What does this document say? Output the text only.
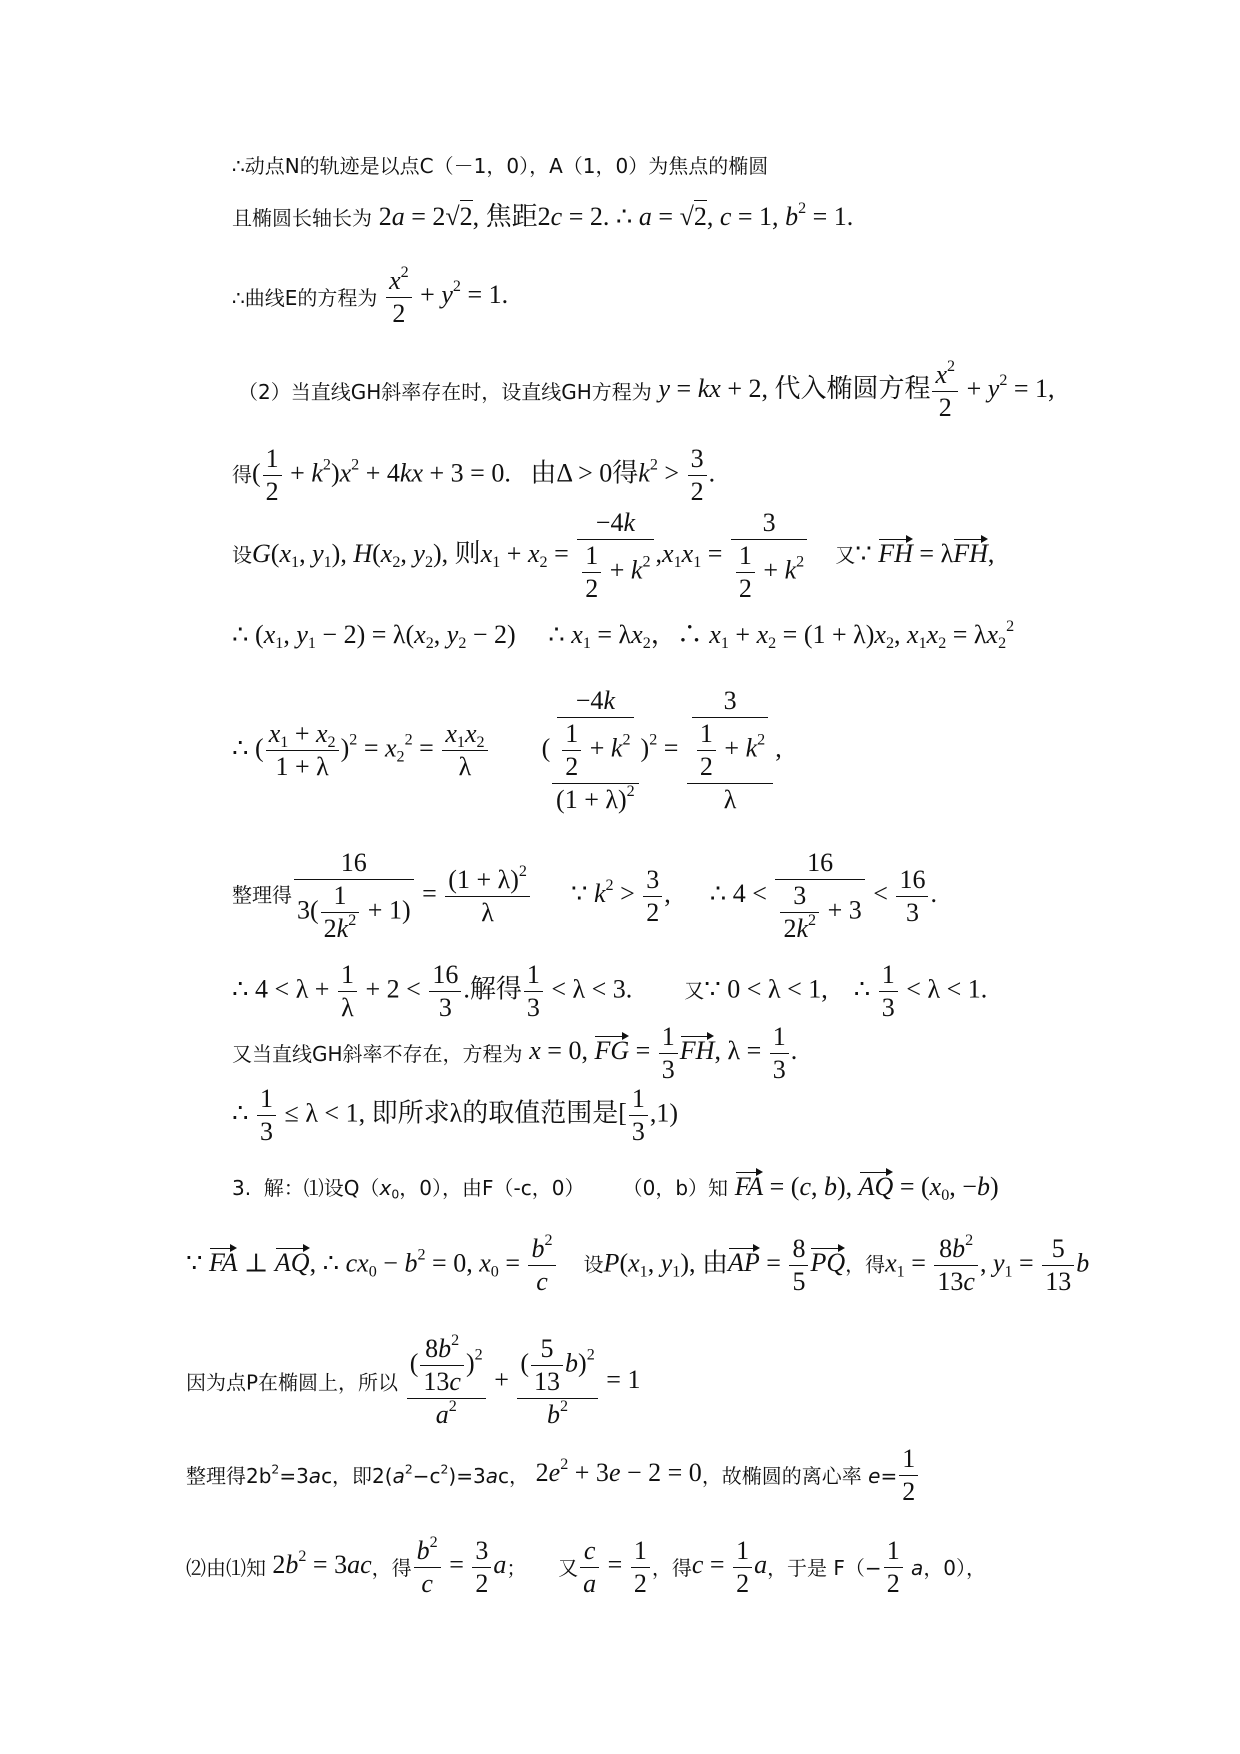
∴动点N的轨迹是以点C（－1，0），A（1，0）为焦点的椭圆
且椭圆长轴长为 2a = 2√2, 焦距2c = 2. ∴ a = √2, c = 1, $b^2 = 1$.
∴曲线E的方程为 $\frac{x^2}{2} + y^2 = 1$.
（2）当直线GH斜率存在时，设直线GH方程为 y = kx + 2, 代入椭圆方程 $\frac{x^2}{2} + y^2 = 1$,
得( $\frac{1}{2} + k^2)x^2 + 4kx + 3 = 0$.   由Δ > 0得$k^2 > \frac{3}{2}$ .
设$G(x_1$, $y_1$), $H(x_2$, $y_2$), 则$x_1 + x_2 = \frac{-4k}{\frac{1}{2} + k^2} ,x_1x_1 = \frac{3}{\frac{1}{2} + k^2}$ 又∵ FH = λFH,
∴ ($x_1$, $y_1 - 2) = \lambda(x_2$, $y_2 - 2$)     ∴ $x_1 = \lambda x_2$，∴ $x_1 + x_2 = (1 + \lambda)x_2$, $x_1x_2 = \lambda x_2^2$
∴ ( $\frac{x_1 + x_2}{1 + \lambda} )^2 = x_2^2 = \frac{x_1x_2}{\lambda}$ ( $\frac{\frac{-4k}{\frac{1}{2} + k^2}}{(1 + \lambda)^2} )^2 = \frac{\frac{3}{\frac{1}{2} + k^2}}{\lambda}$ ,
整理得 $\frac{16}{3( \frac{1}{2k^2} + 1)} = \frac{(1 + \lambda)^2}{\lambda}$ ∵ $k^2 > \frac{3}{2}$ ,      ∴ $4 < \frac{16}{\frac{3}{2k^2} + 3} < \frac{16}{3}$ .
∴ $4 < \lambda + \frac{1}{\lambda} + 2 < \frac{16}{3}$ .解得 $\frac{1}{3} < \lambda < 3$.        又∵ 0 < λ < 1,    ∴ $\frac{1}{3} < \lambda < 1$.
又当直线GH斜率不存在，方程为 x = 0, FG = $\frac{1}{3}$ FH, $\lambda = \frac{1}{3}$ .
∴ $\frac{1}{3} \le \lambda < 1$, 即所求λ的取值范围是[ $\frac{1}{3} ,1$)
3.  解：⑴设$Q(x_0$，0），由F（-c，0）      （0，b）知 FA = (c, b), AQ = ($x_0$, −b)
∵ FA ⊥ AQ, ∴ $cx_0 - b^2 = 0$, $x_0 = \frac{b^2}{c}$ 设$P(x_1$, $y_1$), 由AP = $\frac{8}{5}$ PQ，得$x_1 = \frac{8b^2}{13c}$ , $y_1 = \frac{5}{13}$ b
因为点P在椭圆上，所以 $\frac{( \frac{8b^2}{13c} )^2}{a^2} + \frac{( \frac{5}{13} b)^2}{b^2} = 1$
整理得$2b^2=3ac$，即$2(a^2-c^2)=3ac$， $2e^2 + 3e - 2 = 0$，故椭圆的离心率 $e= \frac{1}{2}$
⑵由⑴知 $2b^2 = 3ac$，得 $\frac{b^2}{c} = \frac{3}{2}$ a；     又 $\frac{c}{a} = \frac{1}{2}$ ，得$c = \frac{1}{2}$ a，于是 $F(- \frac{1}{2}$ a，0），
